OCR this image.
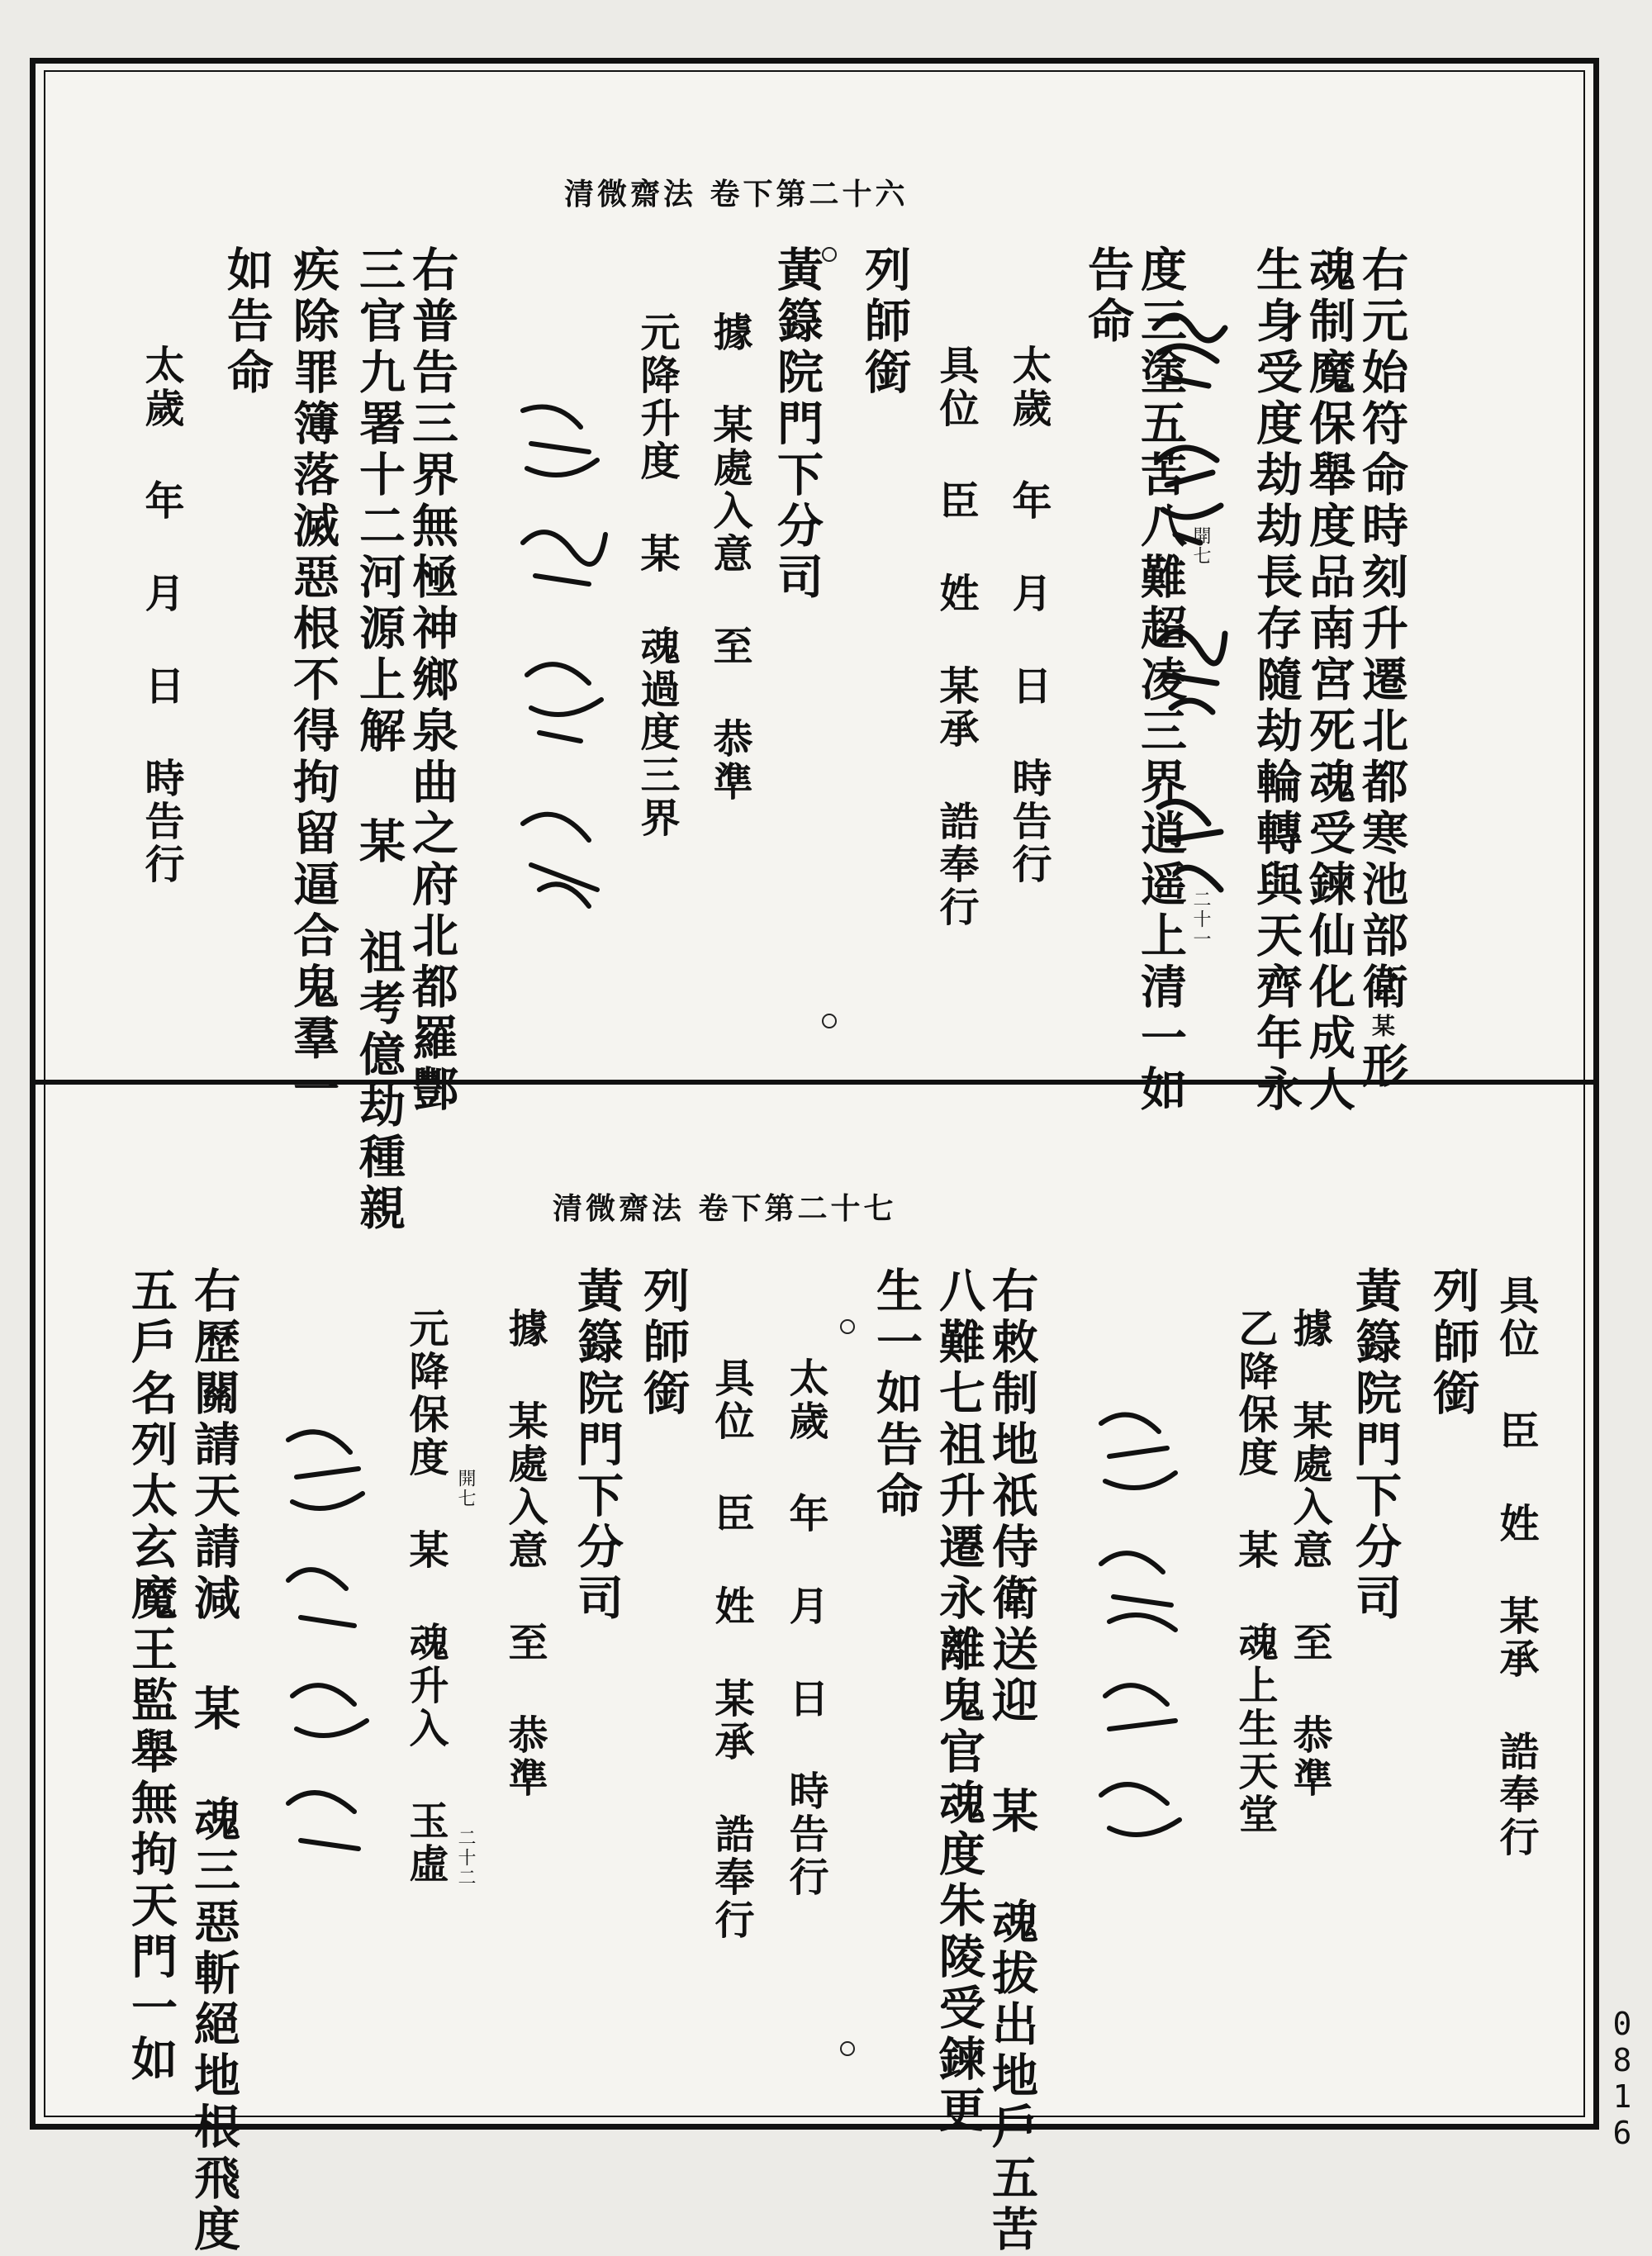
清微齋法 卷下第二十六
開七
二十一	右元始符命時刻升遷北都寒池部衛某形
魂制魔保舉度品南宮死魂受鍊仙化成人
生身受度劫劫長存隨劫輪轉與天齊年永
度三塗五苦八難超凌三界逍遥上清一如
告命
太歲 年 月 日 時告行
具位 臣 姓 某承 誥奉行
列師銜
黃籙院門下分司
據 某處入意 至 恭準
元降升度 某 魂過度三界
右普告三界無極神鄉泉曲之府北都羅酆
三官九署十二河源上解 某 祖考億劫種親
疾除罪簿落滅惡根不得拘留逼合鬼羣一
如告命
太歲 年 月 日 時告行
清微齋法 卷下第二十七
開七
二十二	具位 臣 姓 某承 誥奉行
列師銜
黃籙院門下分司
據 某處入意 至 恭準
乙降保度 某 魂上生天堂
右敕制地祇侍衛送迎 某 魂拔出地戶五苦
八難七祖升遷永離鬼官魂度朱陵受鍊更
生一如告命
太歲 年 月 日 時告行
具位 臣 姓 某承 誥奉行
列師銜
黃籙院門下分司
據 某處入意 至 恭準
元降保度 某 魂升入 玉虛
右歷關請天請減 某 魂三惡斬絕地根飛度
五戶名列太玄魔王監舉無拘天門一如	0816
